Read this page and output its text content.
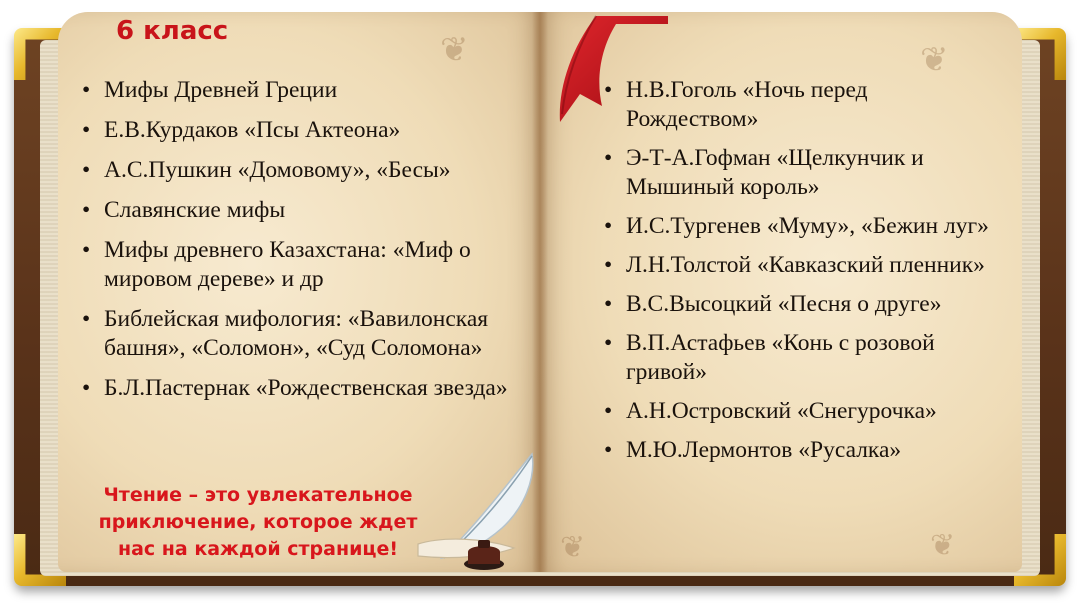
❦	❦
❦	❦
6 класс
• Мифы Древней Греции
• Е.В.Курдаков «Псы Актеона»
• А.С.Пушкин «Домовому», «Бесы»
• Славянские мифы
• Мифы древнего Казахстана: «Миф о мировом дереве» и др
• Библейская мифология: «Вавилонская башня», «Соломон», «Суд Соломона»
• Б.Л.Пастернак «Рождественская звезда»
• Н.В.Гоголь «Ночь перед Рождеством»
• Э-Т-А.Гофман «Щелкунчик и Мышиный король»
• И.С.Тургенев «Муму», «Бежин луг»
• Л.Н.Толстой «Кавказский пленник»
• В.С.Высоцкий «Песня о друге»
• В.П.Астафьев «Конь с розовой гривой»
• А.Н.Островский «Снегурочка»
• М.Ю.Лермонтов «Русалка»

Чтение – это увлекательное приключение, которое ждет нас на каждой странице!
